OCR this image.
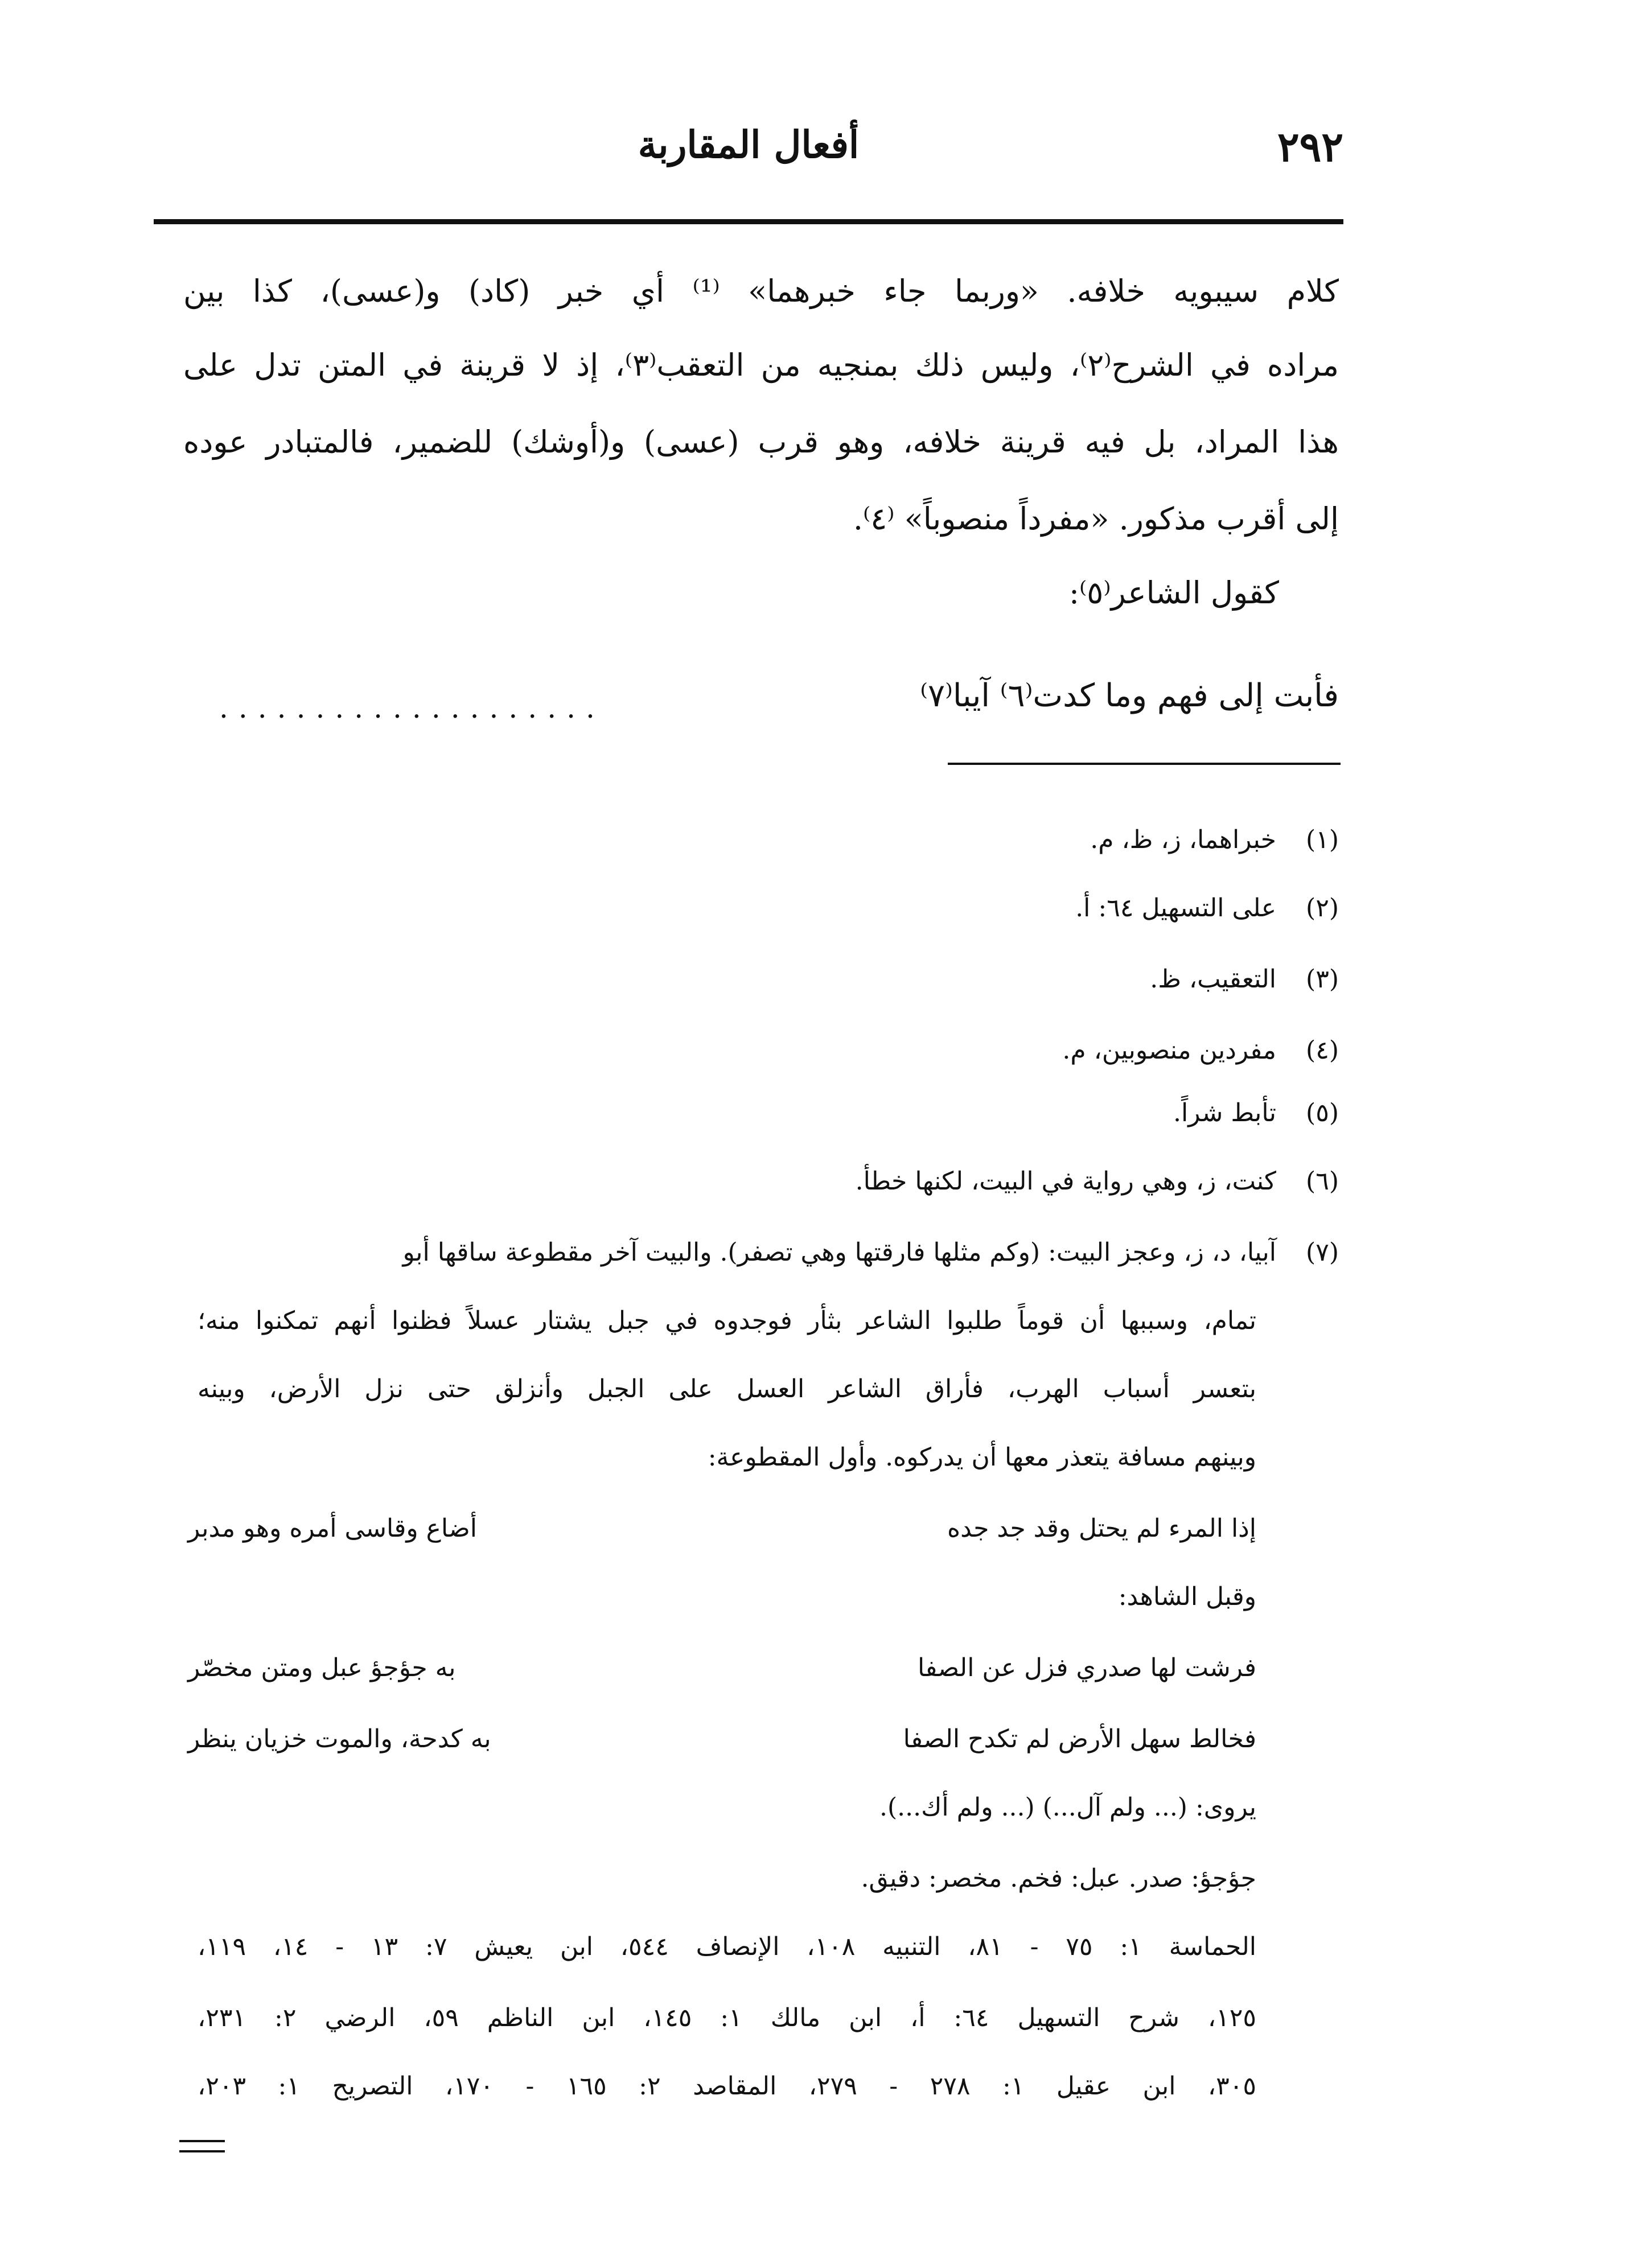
٢٩٢
أفعال المقاربة
كلام سيبويه خلافه. «وربما جاء خبرهما» ⁽¹⁾ أي خبر (كاد) و(عسى)، كذا بين
مراده في الشرح⁽٢⁾، وليس ذلك بمنجيه من التعقب⁽٣⁾، إذ لا قرينة في المتن تدل على
هذا المراد، بل فيه قرينة خلافه، وهو قرب (عسى) و(أوشك) للضمير، فالمتبادر عوده
إلى أقرب مذكور. «مفرداً منصوباً» ⁽٤⁾.
كقول الشاعر⁽٥⁾:
فأبت إلى فهم وما كدت⁽٦⁾ آيبا⁽٧⁾
....................
(١)خبراهما، ز، ظ، م.
(٢)على التسهيل ٦٤: أ.
(٣)التعقيب، ظ.
(٤)مفردين منصوبين، م.
(٥)تأبط شراً.
(٦)كنت، ز، وهي رواية في البيت، لكنها خطأ.
(٧)آبيا، د، ز، وعجز البيت: (وكم مثلها فارقتها وهي تصفر). والبيت آخر مقطوعة ساقها أبو
تمام، وسببها أن قوماً طلبوا الشاعر بثأر فوجدوه في جبل يشتار عسلاً فظنوا أنهم تمكنوا منه؛
بتعسر أسباب الهرب، فأراق الشاعر العسل على الجبل وأنزلق حتى نزل الأرض، وبينه
وبينهم مسافة يتعذر معها أن يدركوه. وأول المقطوعة:
إذا المرء لم يحتل وقد جد جده
أضاع وقاسى أمره وهو مدبر
وقبل الشاهد:
فرشت لها صدري فزل عن الصفا
به جؤجؤ عبل ومتن مخصّر
فخالط سهل الأرض لم تكدح الصفا
به كدحة، والموت خزيان ينظر
يروى: (... ولم آل...) (... ولم أك...).
جؤجؤ: صدر. عبل: فخم. مخصر: دقيق.
الحماسة ١: ٧٥ - ٨١، التنبيه ١٠٨، الإنصاف ٥٤٤، ابن يعيش ٧: ١٣ - ١٤، ١١٩،
١٢٥، شرح التسهيل ٦٤: أ، ابن مالك ١: ١٤٥، ابن الناظم ٥٩، الرضي ٢: ٢٣١،
٣٠٥، ابن عقيل ١: ٢٧٨ - ٢٧٩، المقاصد ٢: ١٦٥ - ١٧٠، التصريح ١: ٢٠٣،
